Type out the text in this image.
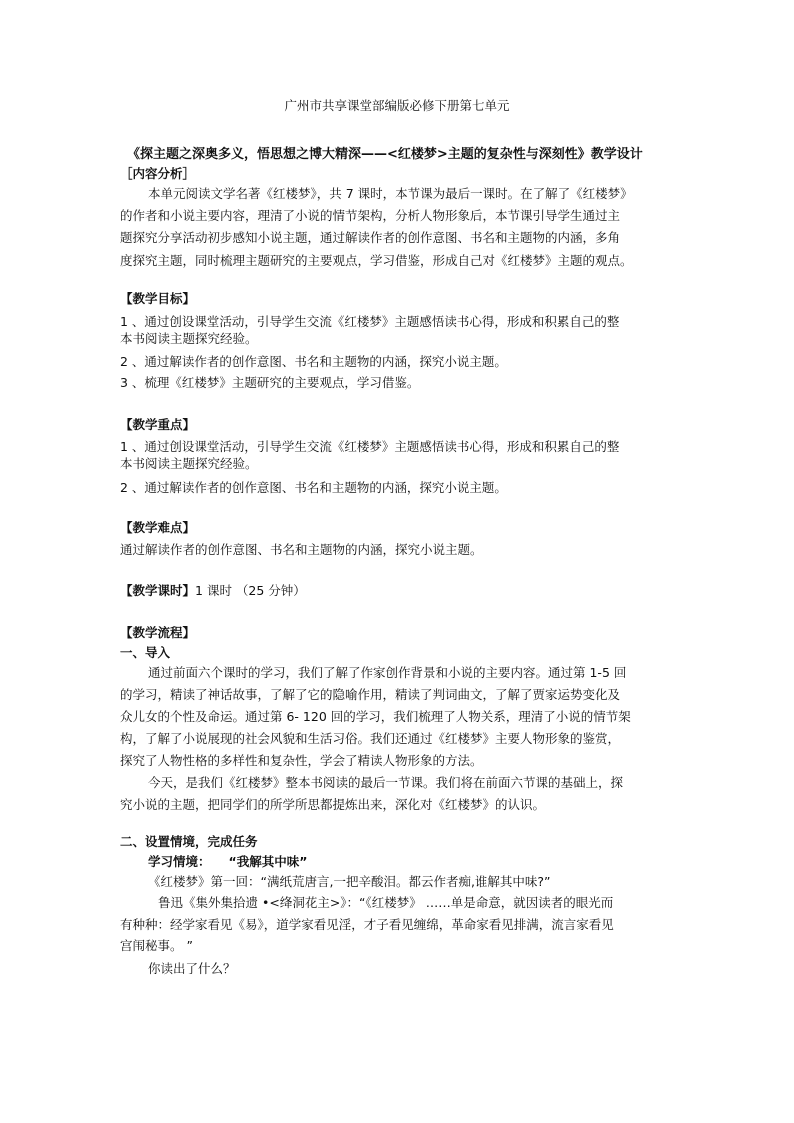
广州市共享课堂部编版必修下册第七单元
《探主题之深奥多义，悟思想之博大精深——<红楼梦>主题的复杂性与深刻性》教学设计
［内容分析］
本单元阅读文学名著《红楼梦》，共 7 课时，本节课为最后一课时。在了解了《红楼梦》
的作者和小说主要内容，理清了小说的情节架构，分析人物形象后，本节课引导学生通过主
题探究分享活动初步感知小说主题，通过解读作者的创作意图、书名和主题物的内涵，多角
度探究主题，同时梳理主题研究的主要观点，学习借鉴，形成自己对《红楼梦》主题的观点。
【教学目标】
1 、通过创设课堂活动，引导学生交流《红楼梦》主题感悟读书心得，形成和积累自己的整
本书阅读主题探究经验。
2 、通过解读作者的创作意图、书名和主题物的内涵，探究小说主题。
3 、梳理《红楼梦》主题研究的主要观点，学习借鉴。
【教学重点】
1 、通过创设课堂活动，引导学生交流《红楼梦》主题感悟读书心得，形成和积累自己的整
本书阅读主题探究经验。
2 、通过解读作者的创作意图、书名和主题物的内涵，探究小说主题。
【教学难点】
通过解读作者的创作意图、书名和主题物的内涵，探究小说主题。
【教学课时】1 课时 （25 分钟）
【教学流程】
一、导入
通过前面六个课时的学习，我们了解了作家创作背景和小说的主要内容。通过第 1-5 回
的学习，精读了神话故事，了解了它的隐喻作用，精读了判词曲文，了解了贾家运势变化及
众儿女的个性及命运。通过第 6- 120 回的学习，我们梳理了人物关系，理清了小说的情节架
构，了解了小说展现的社会风貌和生活习俗。我们还通过《红楼梦》主要人物形象的鉴赏，
探究了人物性格的多样性和复杂性，学会了精读人物形象的方法。
今天，是我们《红楼梦》整本书阅读的最后一节课。我们将在前面六节课的基础上，探
究小说的主题，把同学们的所学所思都提炼出来，深化对《红楼梦》的认识。
二、设置情境，完成任务
学习情境： “我解其中味”
《红楼梦》第一回：“满纸荒唐言,一把辛酸泪。都云作者痴,谁解其中味?”
鲁迅《集外集拾遗 •<绛洞花主>》：“《红楼梦》 ……单是命意，就因读者的眼光而
有种种：经学家看见《易》，道学家看见淫，才子看见缠绵，革命家看见排满，流言家看见
宫闱秘事。 ”
你读出了什么？
